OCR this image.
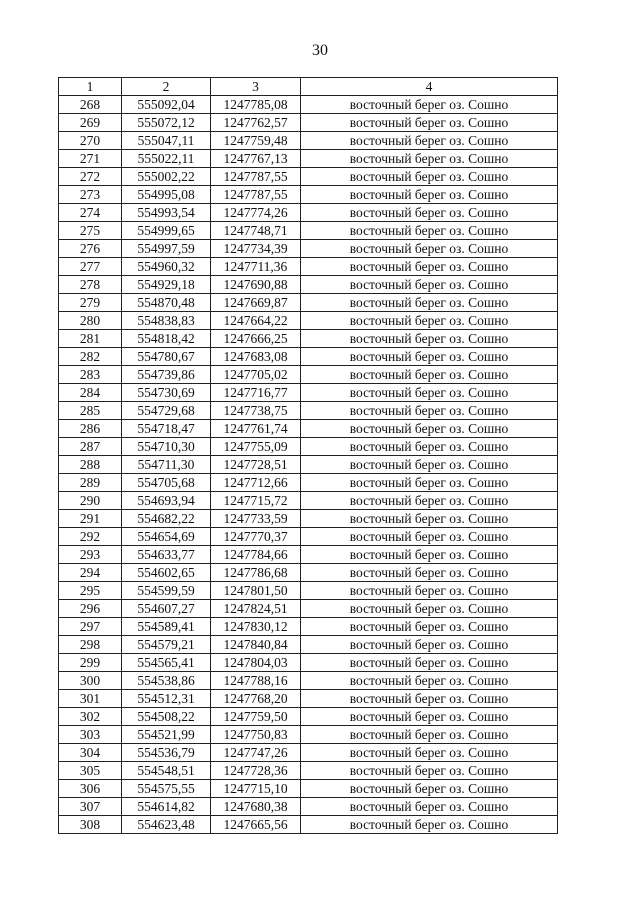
30
1	2	3	4
268	555092,04	1247785,08	восточный берег оз. Сошно
269	555072,12	1247762,57	восточный берег оз. Сошно
270	555047,11	1247759,48	восточный берег оз. Сошно
271	555022,11	1247767,13	восточный берег оз. Сошно
272	555002,22	1247787,55	восточный берег оз. Сошно
273	554995,08	1247787,55	восточный берег оз. Сошно
274	554993,54	1247774,26	восточный берег оз. Сошно
275	554999,65	1247748,71	восточный берег оз. Сошно
276	554997,59	1247734,39	восточный берег оз. Сошно
277	554960,32	1247711,36	восточный берег оз. Сошно
278	554929,18	1247690,88	восточный берег оз. Сошно
279	554870,48	1247669,87	восточный берег оз. Сошно
280	554838,83	1247664,22	восточный берег оз. Сошно
281	554818,42	1247666,25	восточный берег оз. Сошно
282	554780,67	1247683,08	восточный берег оз. Сошно
283	554739,86	1247705,02	восточный берег оз. Сошно
284	554730,69	1247716,77	восточный берег оз. Сошно
285	554729,68	1247738,75	восточный берег оз. Сошно
286	554718,47	1247761,74	восточный берег оз. Сошно
287	554710,30	1247755,09	восточный берег оз. Сошно
288	554711,30	1247728,51	восточный берег оз. Сошно
289	554705,68	1247712,66	восточный берег оз. Сошно
290	554693,94	1247715,72	восточный берег оз. Сошно
291	554682,22	1247733,59	восточный берег оз. Сошно
292	554654,69	1247770,37	восточный берег оз. Сошно
293	554633,77	1247784,66	восточный берег оз. Сошно
294	554602,65	1247786,68	восточный берег оз. Сошно
295	554599,59	1247801,50	восточный берег оз. Сошно
296	554607,27	1247824,51	восточный берег оз. Сошно
297	554589,41	1247830,12	восточный берег оз. Сошно
298	554579,21	1247840,84	восточный берег оз. Сошно
299	554565,41	1247804,03	восточный берег оз. Сошно
300	554538,86	1247788,16	восточный берег оз. Сошно
301	554512,31	1247768,20	восточный берег оз. Сошно
302	554508,22	1247759,50	восточный берег оз. Сошно
303	554521,99	1247750,83	восточный берег оз. Сошно
304	554536,79	1247747,26	восточный берег оз. Сошно
305	554548,51	1247728,36	восточный берег оз. Сошно
306	554575,55	1247715,10	восточный берег оз. Сошно
307	554614,82	1247680,38	восточный берег оз. Сошно
308	554623,48	1247665,56	восточный берег оз. Сошно
